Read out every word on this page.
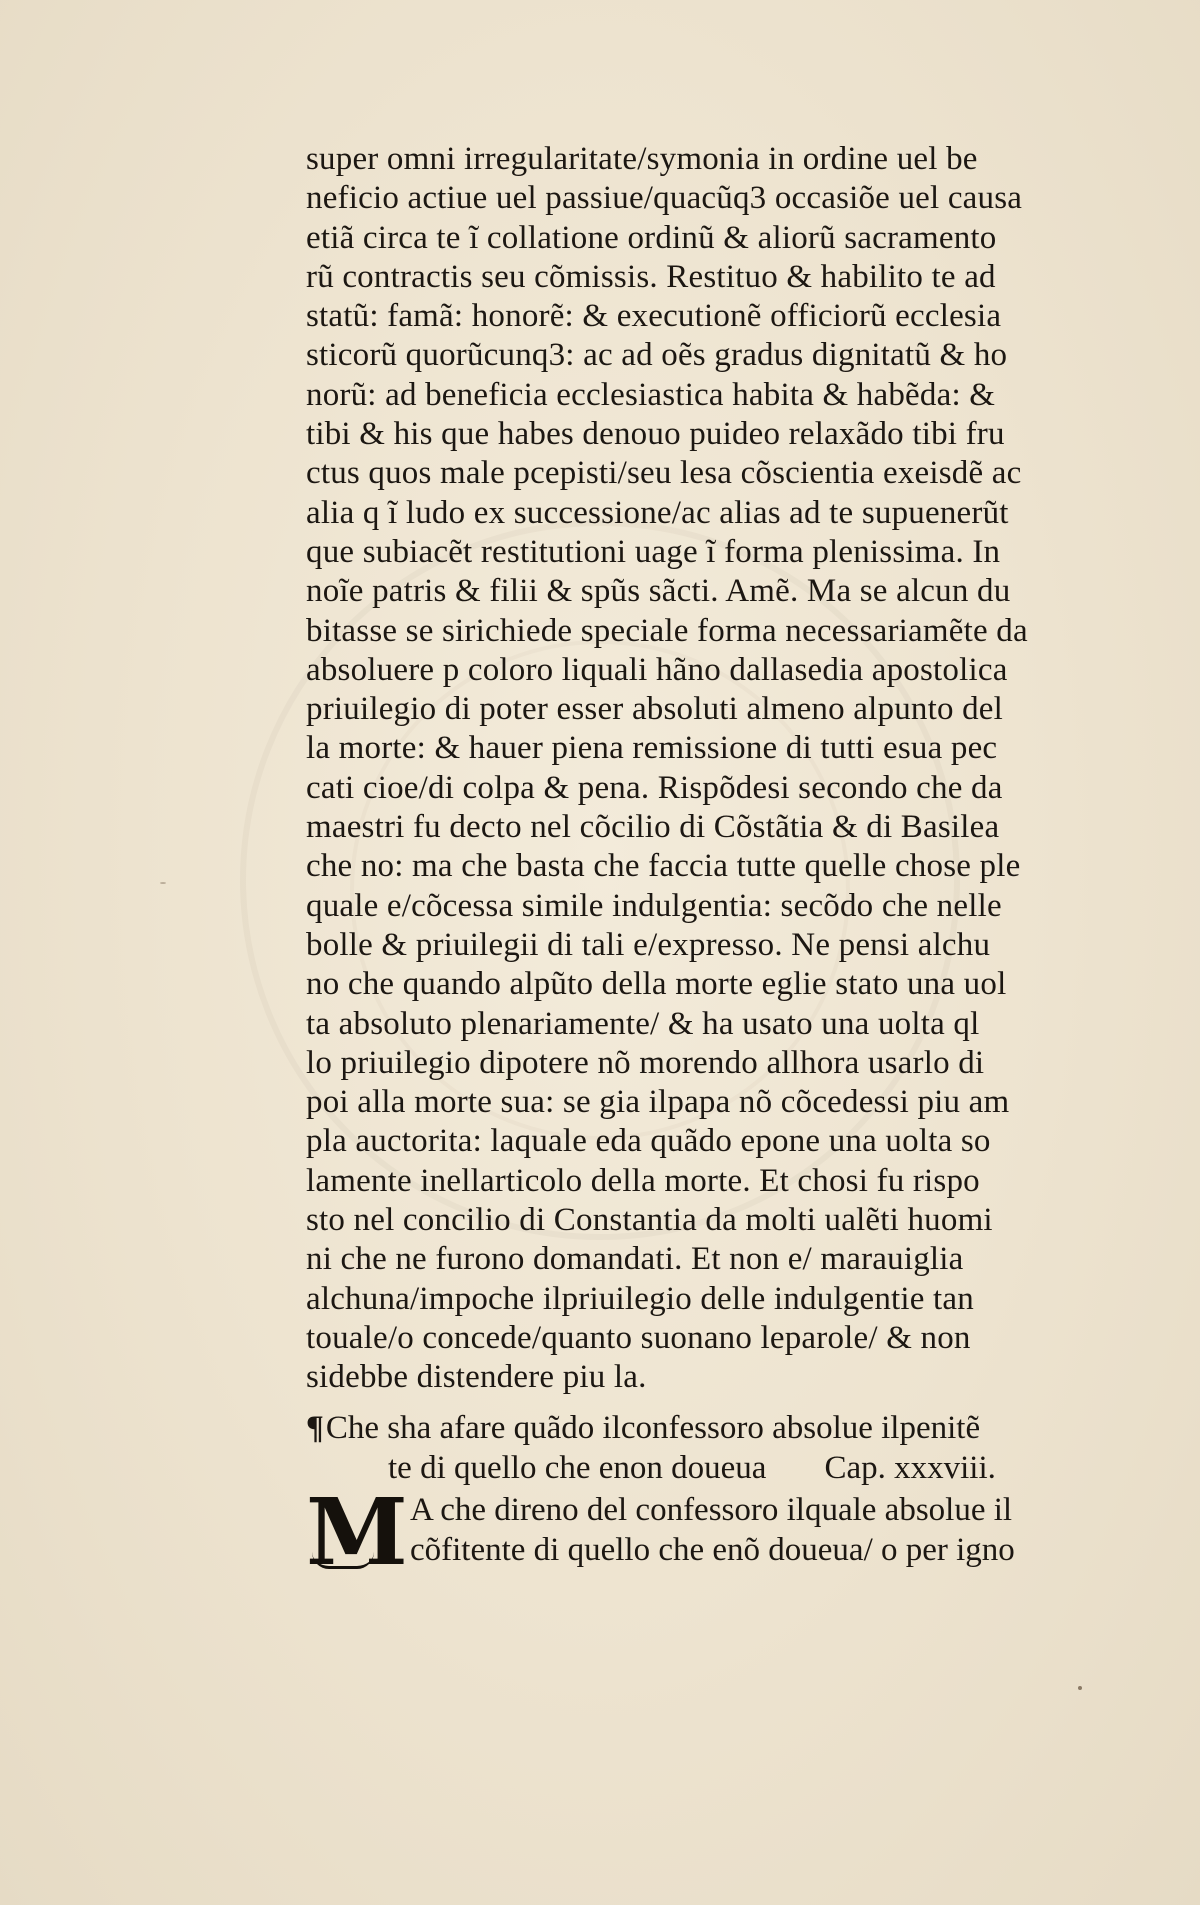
super omni irregularitate/symonia in ordine uel be
neficio actiue uel passiue/quacũq3 occasiõe uel causa
etiã circa te ĩ collatione ordinũ & aliorũ sacramento
rũ contractis seu cõmissis. Restituo & habilito te ad
statũ: famã: honorẽ: & executionẽ officiorũ ecclesia
sticorũ quorũcunq3: ac ad oẽs gradus dignitatũ & ho
norũ: ad beneficia ecclesiastica habita & habẽda: &
tibi & his que habes denouo puideo relaxãdo tibi fru
ctus quos male pcepisti/seu lesa cõscientia exeisdẽ ac
alia q ĩ ludo ex successione/ac alias ad te supuenerũt
que subiacẽt restitutioni uage ĩ forma plenissima. In
noĩe patris & filii & spũs sãcti. Amẽ. Ma se alcun du
bitasse se sirichiede speciale forma necessariamẽte da
absoluere p coloro liquali hãno dallasedia apostolica
priuilegio di poter esser absoluti almeno alpunto del
la morte: & hauer piena remissione di tutti esua pec
cati cioe/di colpa & pena. Rispõdesi secondo che da
maestri fu decto nel cõcilio di Cõstãtia & di Basilea
che no: ma che basta che faccia tutte quelle chose ple
quale e/cõcessa simile indulgentia: secõdo che nelle
bolle & priuilegii di tali e/expresso. Ne pensi alchu
no che quando alpũto della morte eglie stato una uol
ta absoluto plenariamente/ & ha usato una uolta ql
lo priuilegio dipotere nõ morendo allhora usarlo di
poi alla morte sua: se gia ilpapa nõ cõcedessi piu am
pla auctorita: laquale eda quãdo epone una uolta so
lamente inellarticolo della morte. Et chosi fu rispo
sto nel concilio di Constantia da molti ualẽti huomi
ni che ne furono domandati. Et non e/ marauiglia
alchuna/impoche ilpriuilegio delle indulgentie tan
touale/o concede/quanto suonano leparole/ & non
sidebbe distendere piu la.
¶Che sha afare quãdo ilconfessoro absolue ilpenitẽ
te di quello che enon doueua Cap. xxxviii.
M A che direno del confessoro ilquale absolue il
cõfitente di quello che enõ doueua/ o per igno
